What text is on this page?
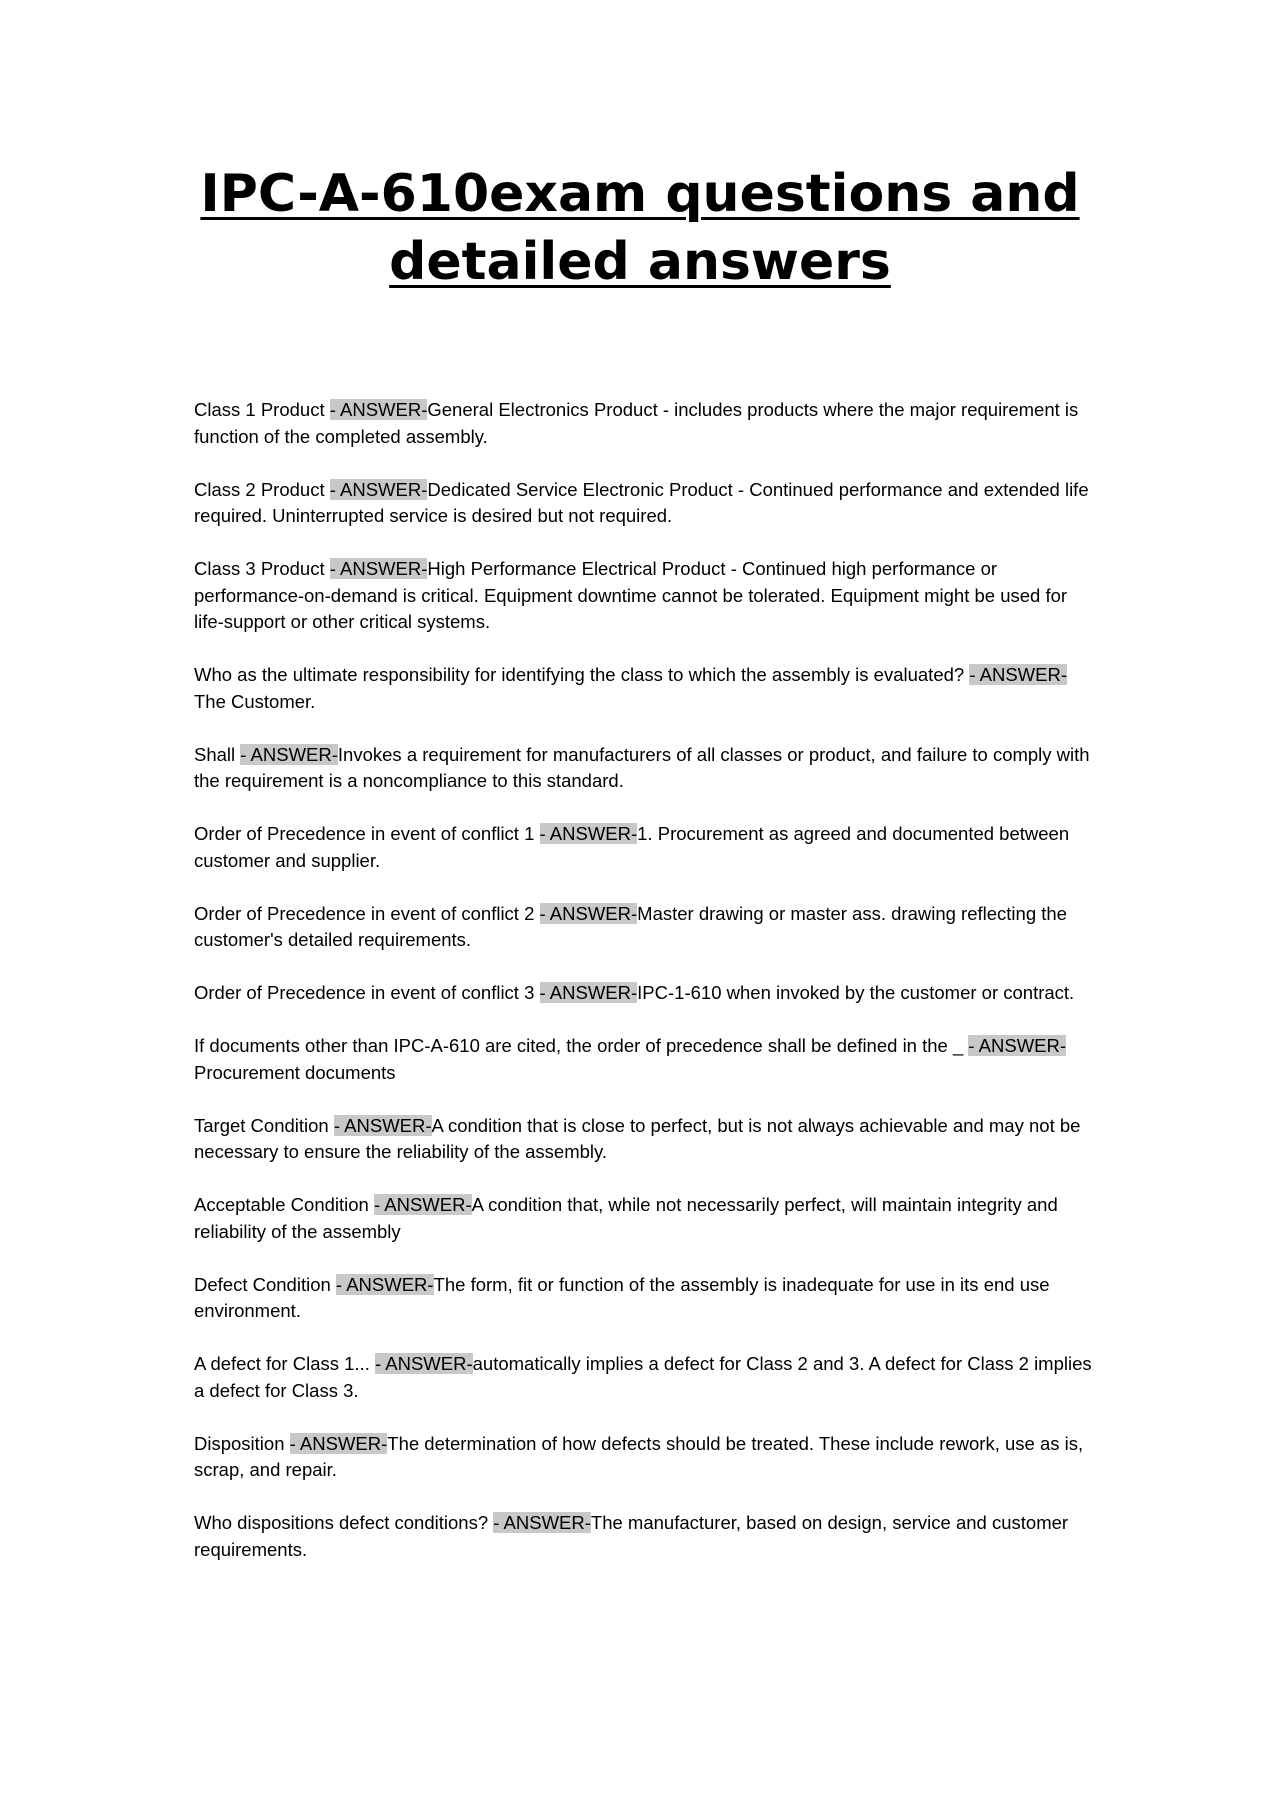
IPC-A-610exam questions and
detailed answers

Class 1 Product - ANSWER-General Electronics Product - includes products where the major requirement is function of the completed assembly.

Class 2 Product - ANSWER-Dedicated Service Electronic Product - Continued performance and extended life required. Uninterrupted service is desired but not required.

Class 3 Product - ANSWER-High Performance Electrical Product - Continued high performance or performance-on-demand is critical. Equipment downtime cannot be tolerated. Equipment might be used for life-support or other critical systems.

Who as the ultimate responsibility for identifying the class to which the assembly is evaluated? - ANSWER-The Customer.

Shall - ANSWER-Invokes a requirement for manufacturers of all classes or product, and failure to comply with the requirement is a noncompliance to this standard.

Order of Precedence in event of conflict 1 - ANSWER-1. Procurement as agreed and documented between customer and supplier.

Order of Precedence in event of conflict 2 - ANSWER-Master drawing or master ass. drawing reflecting the customer's detailed requirements.

Order of Precedence in event of conflict 3 - ANSWER-IPC-1-610 when invoked by the customer or contract.

If documents other than IPC-A-610 are cited, the order of precedence shall be defined in the _ - ANSWER-Procurement documents

Target Condition - ANSWER-A condition that is close to perfect, but is not always achievable and may not be necessary to ensure the reliability of the assembly.

Acceptable Condition - ANSWER-A condition that, while not necessarily perfect, will maintain integrity and reliability of the assembly

Defect Condition - ANSWER-The form, fit or function of the assembly is inadequate for use in its end use environment.

A defect for Class 1... - ANSWER-automatically implies a defect for Class 2 and 3. A defect for Class 2 implies a defect for Class 3.

Disposition - ANSWER-The determination of how defects should be treated. These include rework, use as is, scrap, and repair.

Who dispositions defect conditions? - ANSWER-The manufacturer, based on design, service and customer requirements.
